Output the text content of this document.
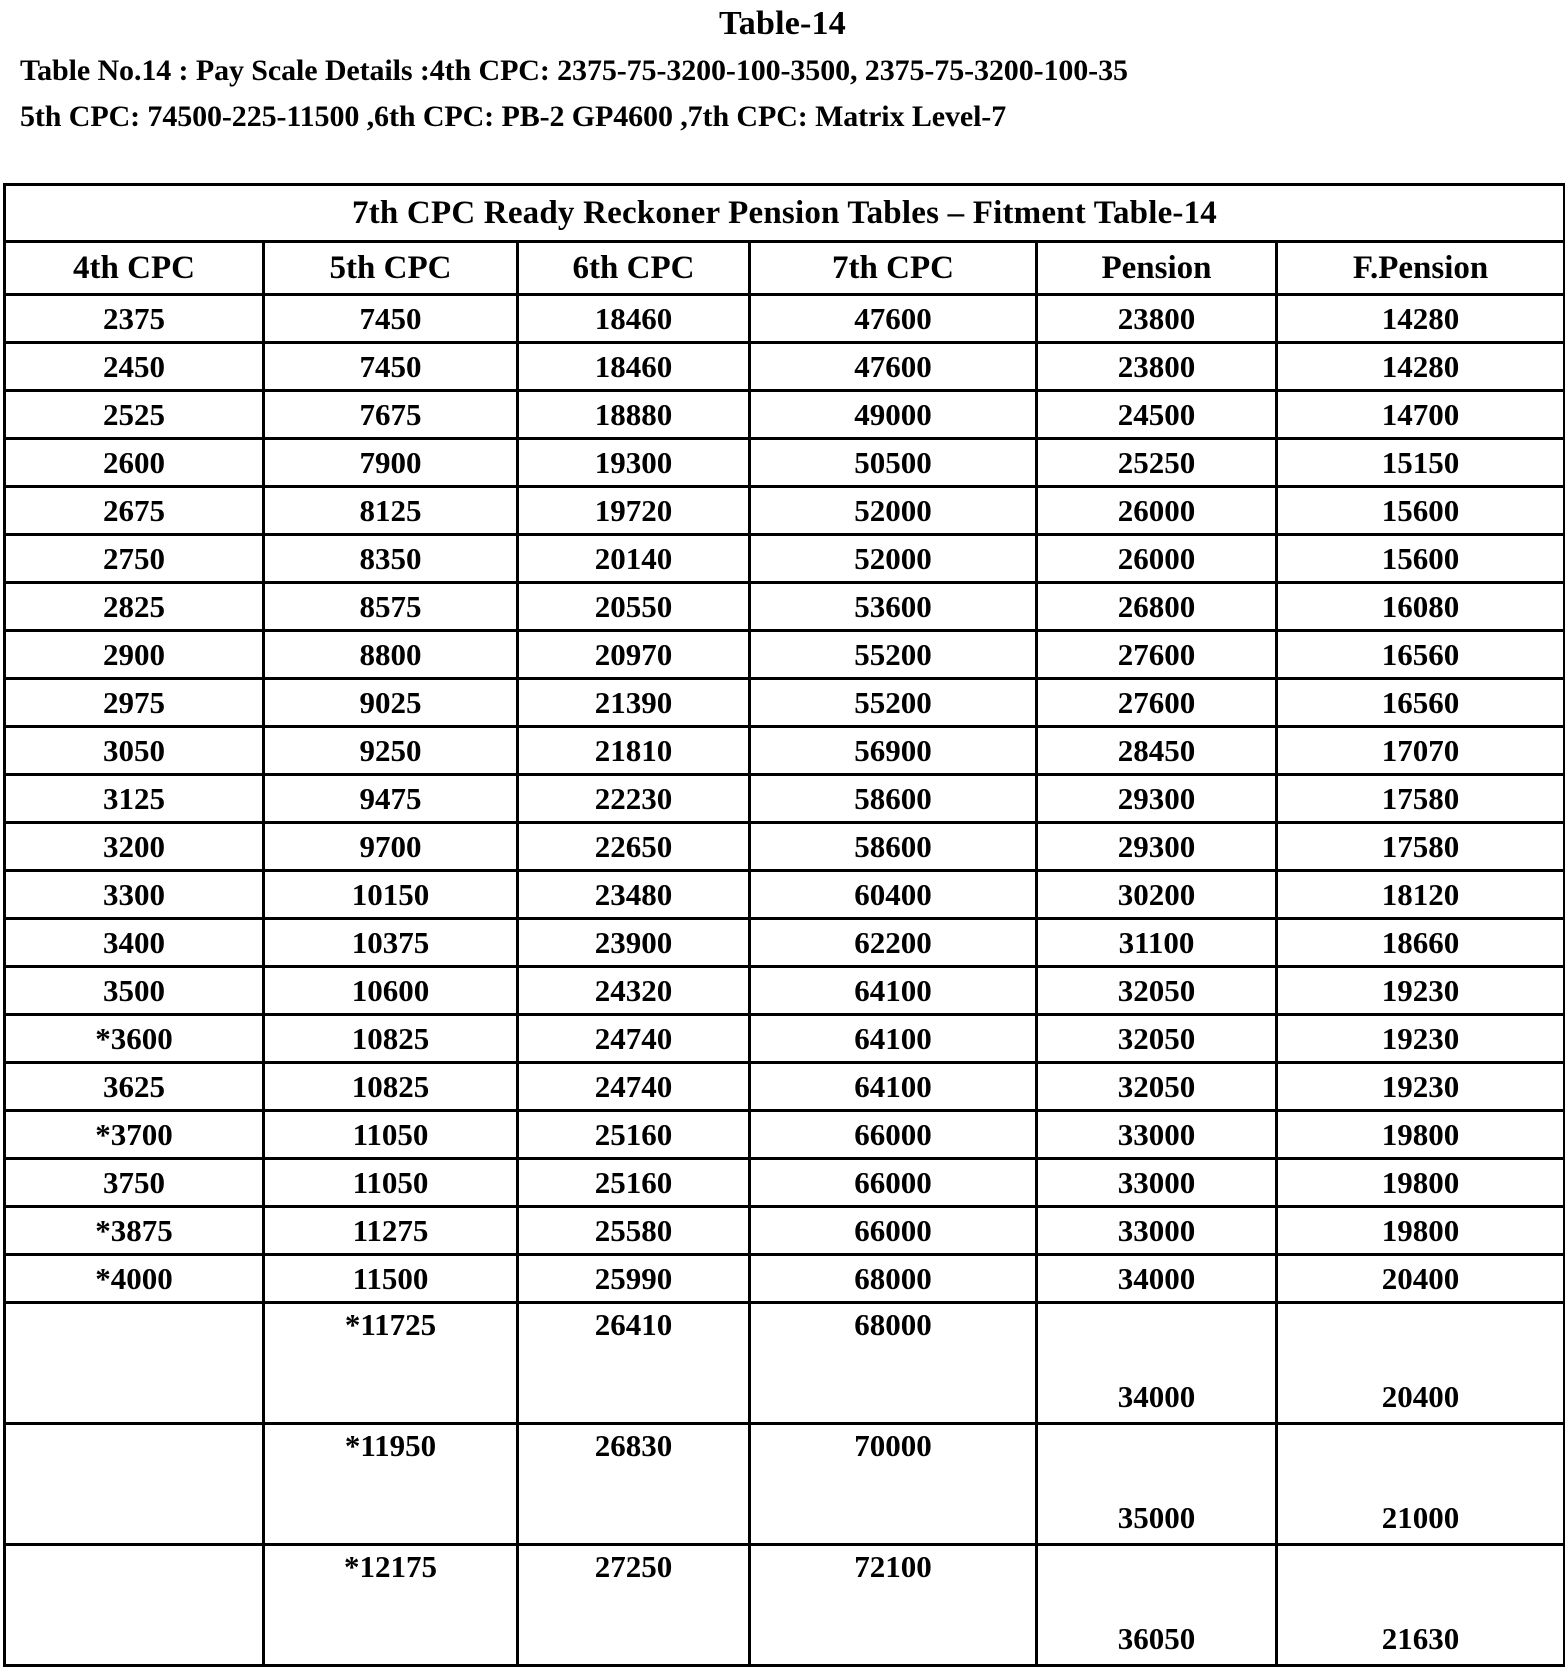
Table-14
Table No.14 : Pay Scale Details :4th CPC: 2375-75-3200-100-3500, 2375-75-3200-100-35
5th CPC: 74500-225-11500 ,6th CPC: PB-2 GP4600 ,7th CPC: Matrix Level-7
7th CPC Ready Reckoner Pension Tables – Fitment Table-14					
4th CPC	5th CPC	6th CPC	7th CPC	Pension	F.Pension
2375	7450	18460	47600	23800	14280
2450	7450	18460	47600	23800	14280
2525	7675	18880	49000	24500	14700
2600	7900	19300	50500	25250	15150
2675	8125	19720	52000	26000	15600
2750	8350	20140	52000	26000	15600
2825	8575	20550	53600	26800	16080
2900	8800	20970	55200	27600	16560
2975	9025	21390	55200	27600	16560
3050	9250	21810	56900	28450	17070
3125	9475	22230	58600	29300	17580
3200	9700	22650	58600	29300	17580
3300	10150	23480	60400	30200	18120
3400	10375	23900	62200	31100	18660
3500	10600	24320	64100	32050	19230
*3600	10825	24740	64100	32050	19230
3625	10825	24740	64100	32050	19230
*3700	11050	25160	66000	33000	19800
3750	11050	25160	66000	33000	19800
*3875	11275	25580	66000	33000	19800
*4000	11500	25990	68000	34000	20400
	*11725	26410	68000	34000	20400
	*11950	26830	70000	35000	21000
	*12175	27250	72100	36050	21630
